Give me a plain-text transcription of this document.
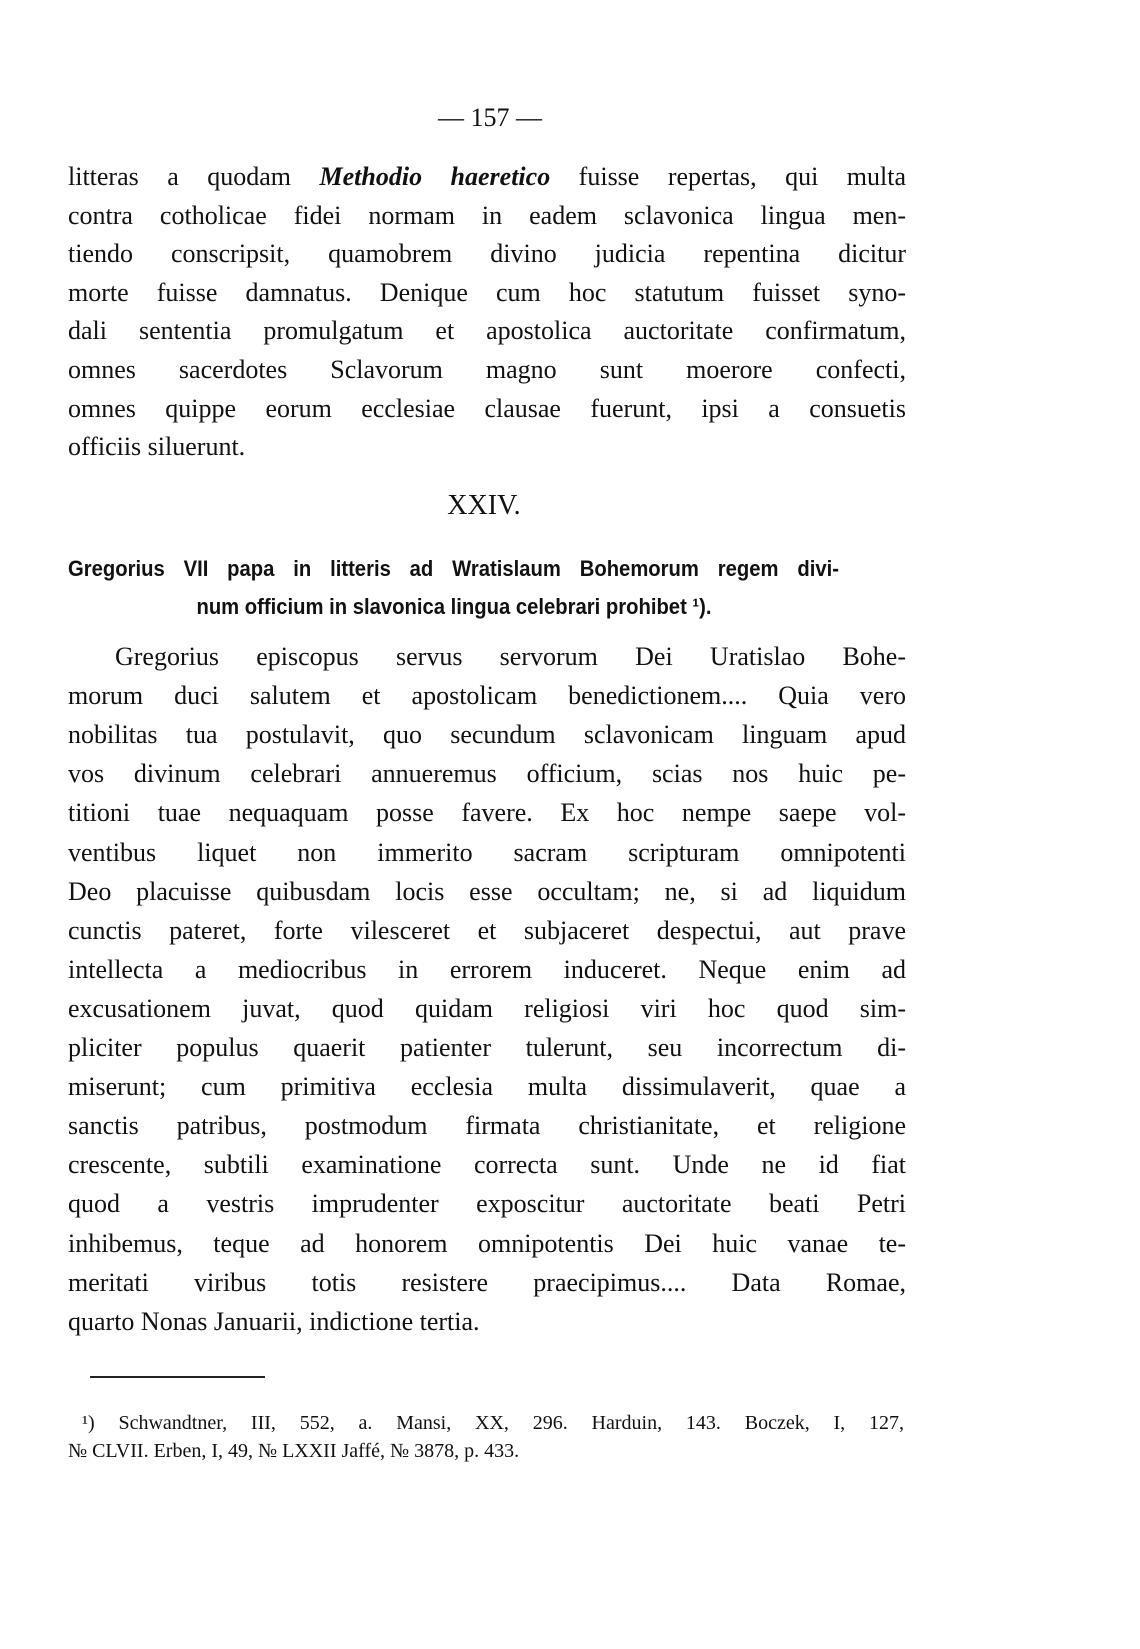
— 157 —
litteras a quodam Methodio haeretico fuisse repertas, qui multa
contra cotholicae fidei normam in eadem sclavonica lingua men-
tiendo conscripsit, quamobrem divino judicia repentina dicitur
morte fuisse damnatus. Denique cum hoc statutum fuisset syno-
dali sententia promulgatum et apostolica auctoritate confirmatum,
omnes sacerdotes Sclavorum magno sunt moerore confecti,
omnes quippe eorum ecclesiae clausae fuerunt, ipsi a consuetis
officiis siluerunt.
XXIV.
Gregorius VII papa in litteris ad Wratislaum Bohemorum regem divi-
num officium in slavonica lingua celebrari prohibet ¹).
Gregorius episcopus servus servorum Dei Uratislao Bohe-
morum duci salutem et apostolicam benedictionem.... Quia vero
nobilitas tua postulavit, quo secundum sclavonicam linguam apud
vos divinum celebrari annueremus officium, scias nos huic pe-
titioni tuae nequaquam posse favere. Ex hoc nempe saepe vol-
ventibus liquet non immerito sacram scripturam omnipotenti
Deo placuisse quibusdam locis esse occultam; ne, si ad liquidum
cunctis pateret, forte vilesceret et subjaceret despectui, aut prave
intellecta a mediocribus in errorem induceret. Neque enim ad
excusationem juvat, quod quidam religiosi viri hoc quod sim-
pliciter populus quaerit patienter tulerunt, seu incorrectum di-
miserunt; cum primitiva ecclesia multa dissimulaverit, quae a
sanctis patribus, postmodum firmata christianitate, et religione
crescente, subtili examinatione correcta sunt. Unde ne id fiat
quod a vestris imprudenter exposcitur auctoritate beati Petri
inhibemus, teque ad honorem omnipotentis Dei huic vanae te-
meritati viribus totis resistere praecipimus.... Data Romae,
quarto Nonas Januarii, indictione tertia.
¹) Schwandtner, III, 552, a. Mansi, XX, 296. Harduin, 143. Boczek, I, 127,
№ CLVII. Erben, I, 49, № LXXII Jaffé, № 3878, p. 433.
